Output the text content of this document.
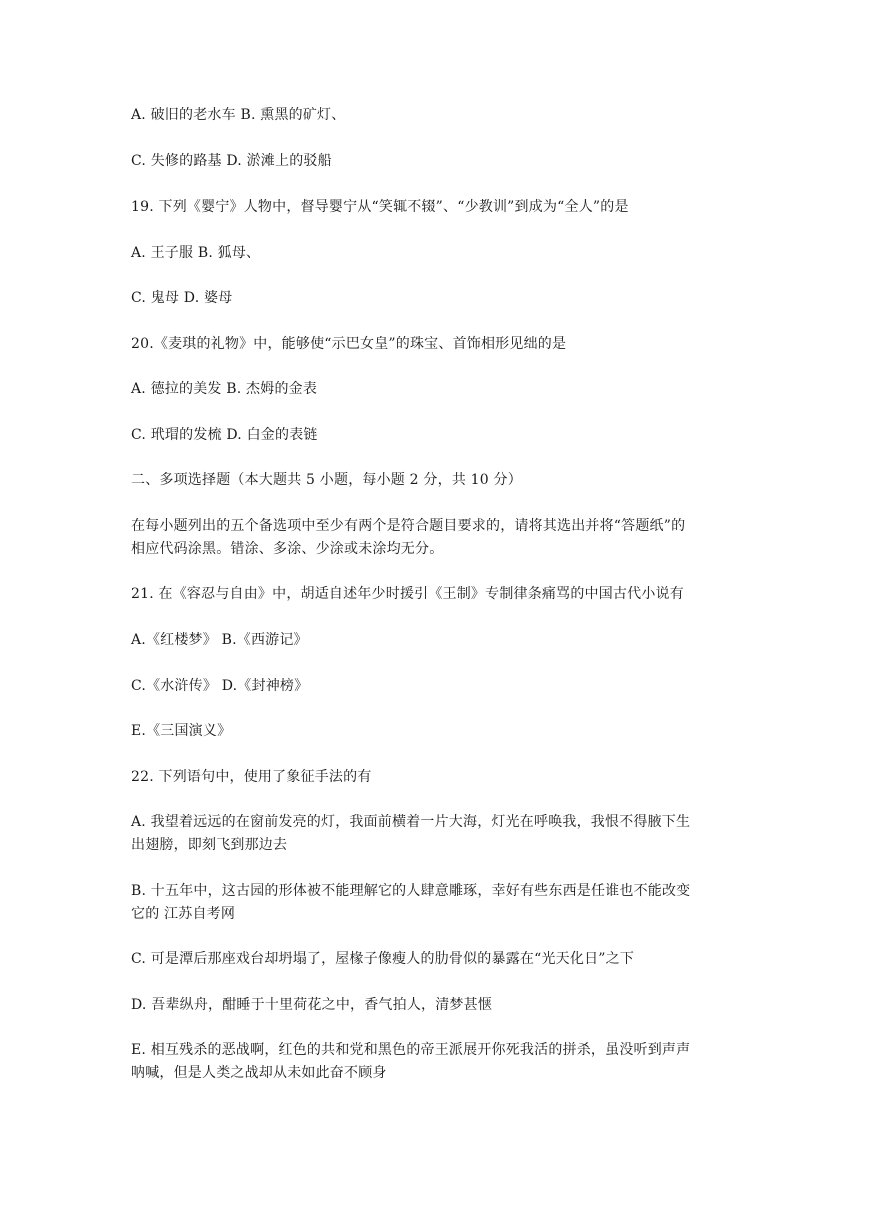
A. 破旧的老水车 B. 熏黑的矿灯、
C. 失修的路基 D. 淤滩上的驳船
19. 下列《婴宁》人物中，督导婴宁从“笑辄不辍”、“少教训”到成为“全人”的是
A. 王子服 B. 狐母、
C. 鬼母 D. 婆母
20.《麦琪的礼物》中，能够使“示巴女皇”的珠宝、首饰相形见绌的是
A. 德拉的美发 B. 杰姆的金表
C. 玳瑁的发梳 D. 白金的表链
二、多项选择题（本大题共 5 小题，每小题 2 分，共 10 分）
在每小题列出的五个备选项中至少有两个是符合题目要求的，请将其选出并将“答题纸”的
相应代码涂黑。错涂、多涂、少涂或未涂均无分。
21. 在《容忍与自由》中，胡适自述年少时援引《王制》专制律条痛骂的中国古代小说有
A.《红楼梦》 B.《西游记》
C.《水浒传》 D.《封神榜》
E.《三国演义》
22. 下列语句中，使用了象征手法的有
A. 我望着远远的在窗前发亮的灯，我面前横着一片大海，灯光在呼唤我，我恨不得腋下生
出翅膀，即刻飞到那边去
B. 十五年中，这古园的形体被不能理解它的人肆意雕琢，幸好有些东西是任谁也不能改变
它的 江苏自考网
C. 可是潭后那座戏台却坍塌了，屋椽子像瘦人的肋骨似的暴露在“光天化日”之下
D. 吾辈纵舟，酣睡于十里荷花之中，香气拍人，清梦甚惬
E. 相互残杀的恶战啊，红色的共和党和黑色的帝王派展开你死我活的拼杀，虽没听到声声
呐喊，但是人类之战却从未如此奋不顾身
